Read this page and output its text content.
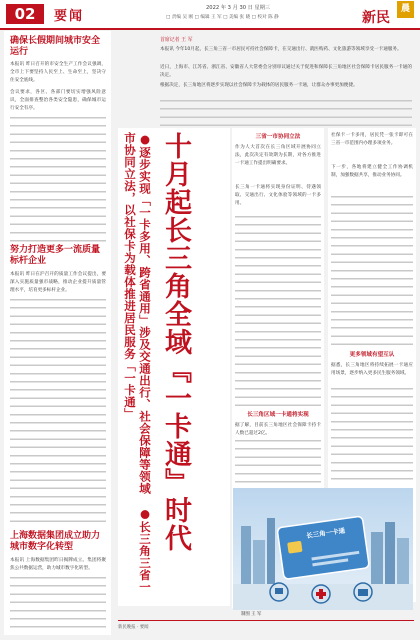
02	要闻
2022 年 3 月 30 日 星期三
□ 责编 吴 刚 □ 编辑 王 军 □ 美编 张 晓 □ 校对 陈 静	新民
晨
确保长假期间城市安全运行
本报讯 昨日召开的市安全生产工作会议强调，全市上下要坚持人民至上、生命至上，坚决守住安全底线。
会议要求，各区、各部门要切实增强风险意识，全面排查整治各类安全隐患，确保城市运行安全有序。
努力打造更多一流质量标杆企业
本报讯 昨日在沪召开的质量工作会议提出，要深入实施质量强市战略，推动企业提升质量管理水平，培育更多标杆企业。
上海数据集团成立助力城市数字化转型
本报讯 上海数据集团昨日揭牌成立。集团将聚焦公共数据运营，助力城市数字化转型。
首席记者 王 军
本报讯 今年10月起，长三角三省一市居民可持社会保障卡，在交通出行、就医购药、文化旅游等领域享受一卡通服务。
近日，上海市、江苏省、浙江省、安徽省人大常委会分别审议通过关于促进和保障长三角地区社会保障卡居民服务一卡通的决定。
根据决定，长三角地区将逐步实现以社会保障卡为载体的居民服务一卡通，让群众办事更加便捷。
十月起长三角全域『一卡通』时代
●逐步实现「一卡多用、跨省通用」涉及交通出行、社会保障等领域　●长三角三省一市协同立法，以社保卡为载体推进居民服务「一卡通」	三省一市协同立法
作为人大首次在长三角区域开展协同立法，此次决定有效期为长期，对各方推进一卡通工作提出明确要求。
长三角一卡通将实现身份证明、待遇领取、交通出行、文化体验等领域的一卡多用。
长三角区域一卡通将实现
据了解，目前长三角地区社会保障卡持卡人数已超过2亿。
社保卡一卡多用，居民凭一张卡即可在三省一市范围内办理多项业务。
下一步，各地将建立健全工作协调机制，加强数据共享，推动业务协同。
更多领域有望互认
据悉，长三角地区将持续拓展一卡通应用场景，逐步纳入更多民生服务领域。
长三角一卡通
制图 王 军
新民晚报 · 要闻
